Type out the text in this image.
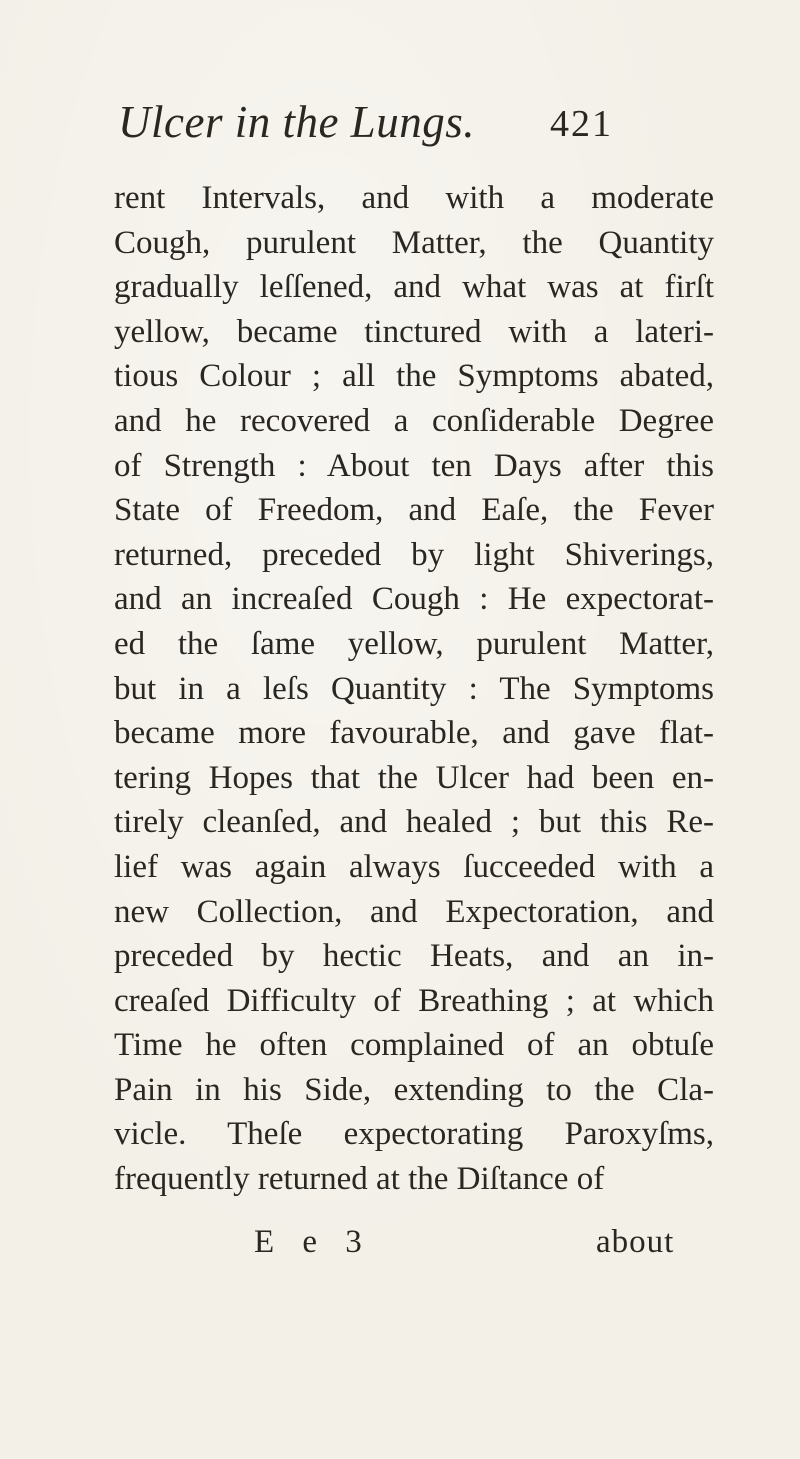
Ulcer in the Lungs. 421
rent Intervals, and with a moderate
Cough, purulent Matter, the Quantity
gradually leſſened, and what was at firſt
yellow, became tinctured with a lateri-
tious Colour ; all the Symptoms abated,
and he recovered a conſiderable Degree
of Strength : About ten Days after this
State of Freedom, and Eaſe, the Fever
returned, preceded by light Shiverings,
and an increaſed Cough : He expectorat-
ed the ſame yellow, purulent Matter,
but in a leſs Quantity : The Symptoms
became more favourable, and gave flat-
tering Hopes that the Ulcer had been en-
tirely cleanſed, and healed ; but this Re-
lief was again always ſucceeded with a
new Collection, and Expectoration, and
preceded by hectic Heats, and an in-
creaſed Difficulty of Breathing ; at which
Time he often complained of an obtuſe
Pain in his Side, extending to the Cla-
vicle. Theſe expectorating Paroxyſms,
frequently returned at the Diſtance of
E e 3	about
